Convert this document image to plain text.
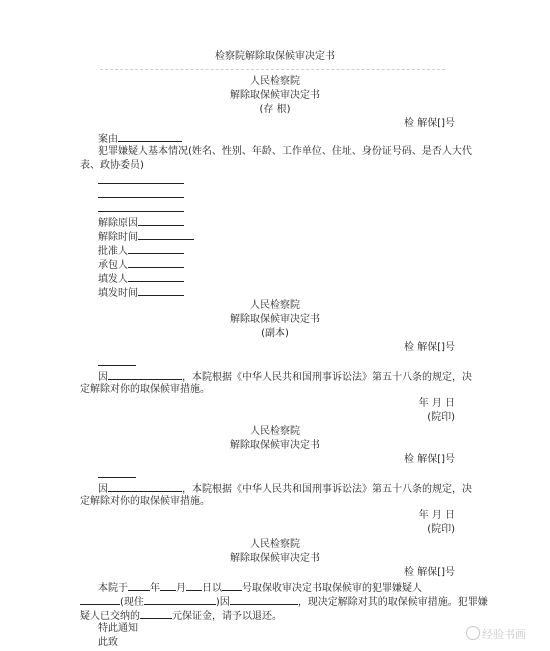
检察院解除取保候审决定书
人民检察院
解除取保候审决定书
(存 根)
检 解保[]号
案由
犯罪嫌疑人基本情况(姓名、性别、年龄、工作单位、住址、身份证号码、是否人大代
表、政协委员)
解除原因
解除时间
批准人
承包人
填发人
填发时间
人民检察院
解除取保候审决定书
(副本)
检 解保[]号
因	，本院根据《中华人民共和国刑事诉讼法》第五十八条的规定，决
定解除对你的取保候审措施。
年 月 日
(院印)
人民检察院
解除取保候审决定书
检 解保[]号
因	，本院根据《中华人民共和国刑事诉讼法》第五十八条的规定，决
定解除对你的取保候审措施。
年 月 日
(院印)
人民检察院
解除取保候审决定书
检 解保[]号
本院于 年 月 日以 号取保收审决定书取保候审的犯罪嫌疑人
(现住	)因	，现决定解除对其的取保候审措施。犯罪嫌
疑人已交纳的	元保证金，请予以退还。
特此通知
此致
经验书画
